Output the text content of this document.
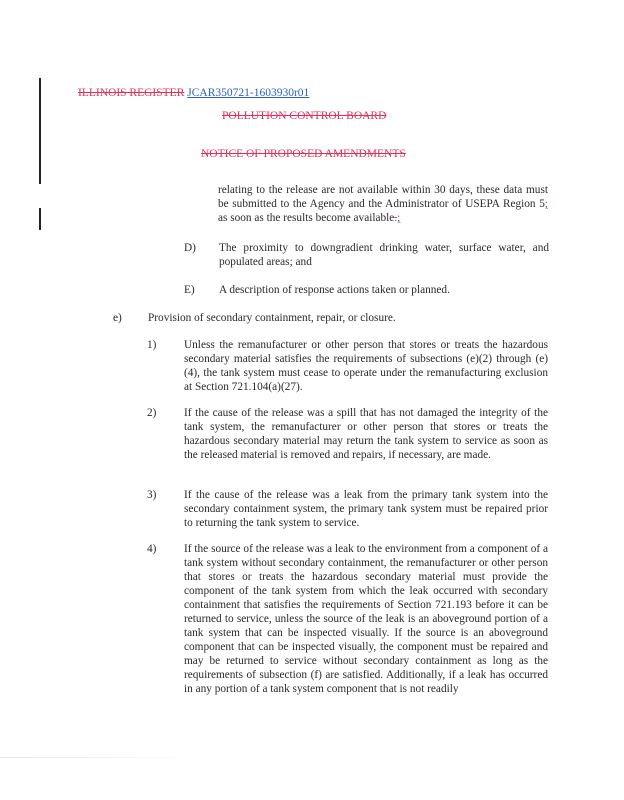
ILLINOIS REGISTER JCAR350721-1603930r01
POLLUTION CONTROL BOARD
NOTICE OF PROPOSED AMENDMENTS
relating to the release are not available within 30 days, these data must be submitted to the Agency and the Administrator of USEPA Region 5; as soon as the results become available.;
D) The proximity to downgradient drinking water, surface water, and populated areas; and
E) A description of response actions taken or planned.
e) Provision of secondary containment, repair, or closure.
1) Unless the remanufacturer or other person that stores or treats the hazardous secondary material satisfies the requirements of subsections (e)(2) through (e)(4), the tank system must cease to operate under the remanufacturing exclusion at Section 721.104(a)(27).
2) If the cause of the release was a spill that has not damaged the integrity of the tank system, the remanufacturer or other person that stores or treats the hazardous secondary material may return the tank system to service as soon as the released material is removed and repairs, if necessary, are made.
3) If the cause of the release was a leak from the primary tank system into the secondary containment system, the primary tank system must be repaired prior to returning the tank system to service.
4) If the source of the release was a leak to the environment from a component of a tank system without secondary containment, the remanufacturer or other person that stores or treats the hazardous secondary material must provide the component of the tank system from which the leak occurred with secondary containment that satisfies the requirements of Section 721.193 before it can be returned to service, unless the source of the leak is an aboveground portion of a tank system that can be inspected visually. If the source is an aboveground component that can be inspected visually, the component must be repaired and may be returned to service without secondary containment as long as the requirements of subsection (f) are satisfied. Additionally, if a leak has occurred in any portion of a tank system component that is not readily
